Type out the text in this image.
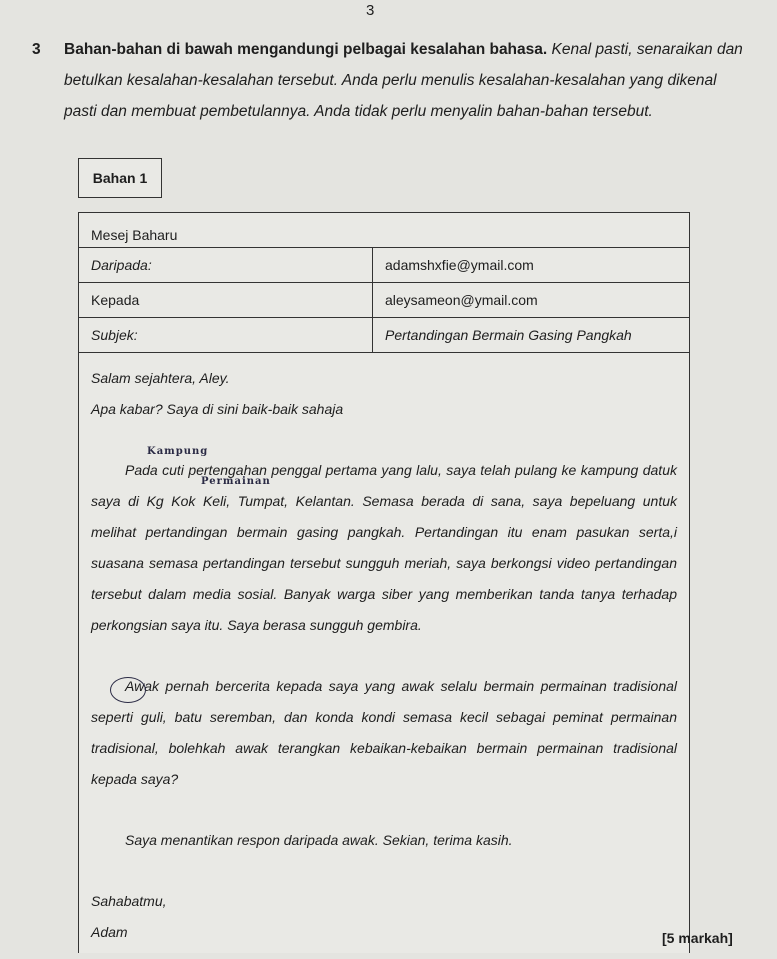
3
3 Bahan-bahan di bawah mengandungi pelbagai kesalahan bahasa. Kenal pasti, senaraikan dan betulkan kesalahan-kesalahan tersebut. Anda perlu menulis kesalahan-kesalahan yang dikenal pasti dan membuat pembetulannya. Anda tidak perlu menyalin bahan-bahan tersebut.
Bahan 1
Mesej Baharu
Daripada:	adamshxfie@ymail.com
Kepada	aleysameon@ymail.com
Subjek:	Pertandingan Bermain Gasing Pangkah

Salam sejahtera, Aley.

Apa kabar? Saya di sini baik-baik sahaja

Pada cuti pertengahan penggal pertama yang lalu, saya telah pulang ke kampung datuk saya di Kg Kok Keli, Tumpat, Kelantan. Semasa berada di sana, saya bepeluang untuk melihat pertandingan bermain gasing pangkah. Pertandingan itu enam pasukan serta,i suasana semasa pertandingan tersebut sungguh meriah, saya berkongsi video pertandingan tersebut dalam media sosial. Banyak warga siber yang memberikan tanda tanya terhadap perkongsian saya itu. Saya berasa sungguh gembira.

Awak pernah bercerita kepada saya yang awak selalu bermain permainan tradisional seperti guli, batu seremban, dan konda kondi semasa kecil sebagai peminat permainan tradisional, bolehkah awak terangkan kebaikan-kebaikan bermain permainan tradisional kepada saya?

Saya menantikan respon daripada awak. Sekian, terima kasih.

Sahabatmu,

Adam

Kampung
Permainan
[5 markah]
